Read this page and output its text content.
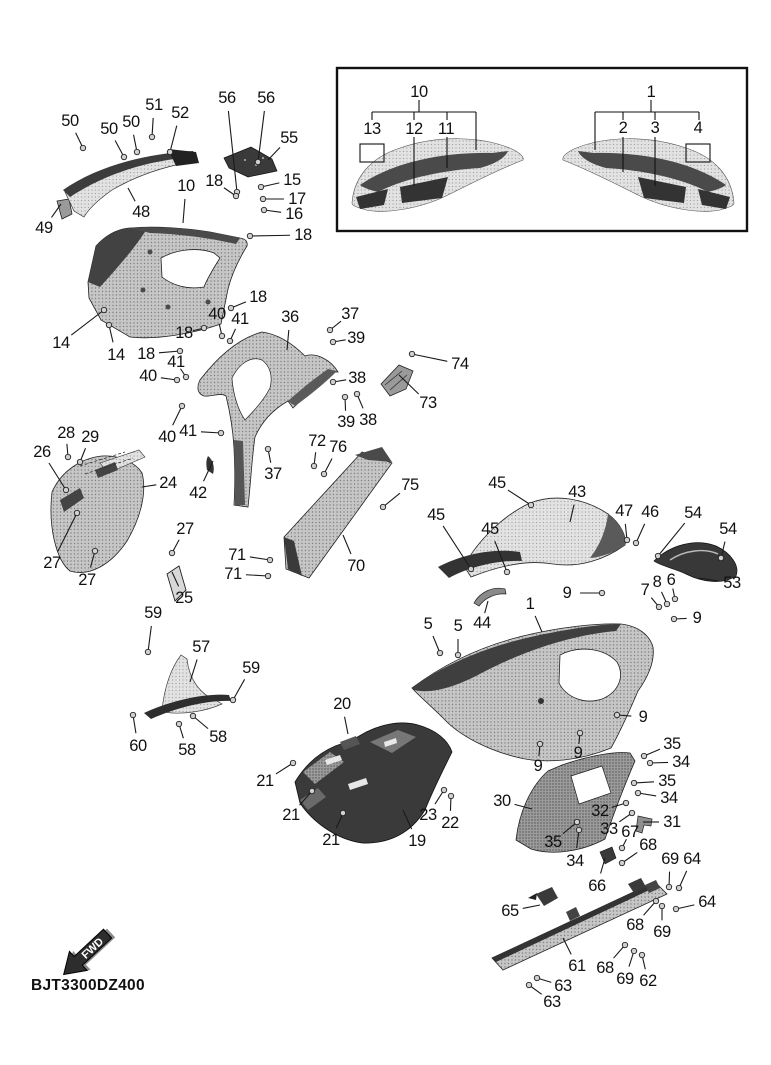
FWD
50	50 50
51 52
56	56
55
49
48
10 18	15
17
16
18
18
40 41	36
18
14
14 18 41
40
37
39
38
74
73
39 38
40 41
37
42
24
72 76
28 29
26
27
27
27
25
59
71
71
75
70
45	43
45
45
47 46	54
54
53
8 6
7
44
1
9
9
5	5
9
9
9
35
34
35
34
30
32
33 67
31
35
34
68
66
69 64
64
65
68 69
61 68
69 62
63
63
20
21
21
21
23 22
19
57
59
60	58
58
10
13	12 11
1
2	3	4
BJT3300DZ400
